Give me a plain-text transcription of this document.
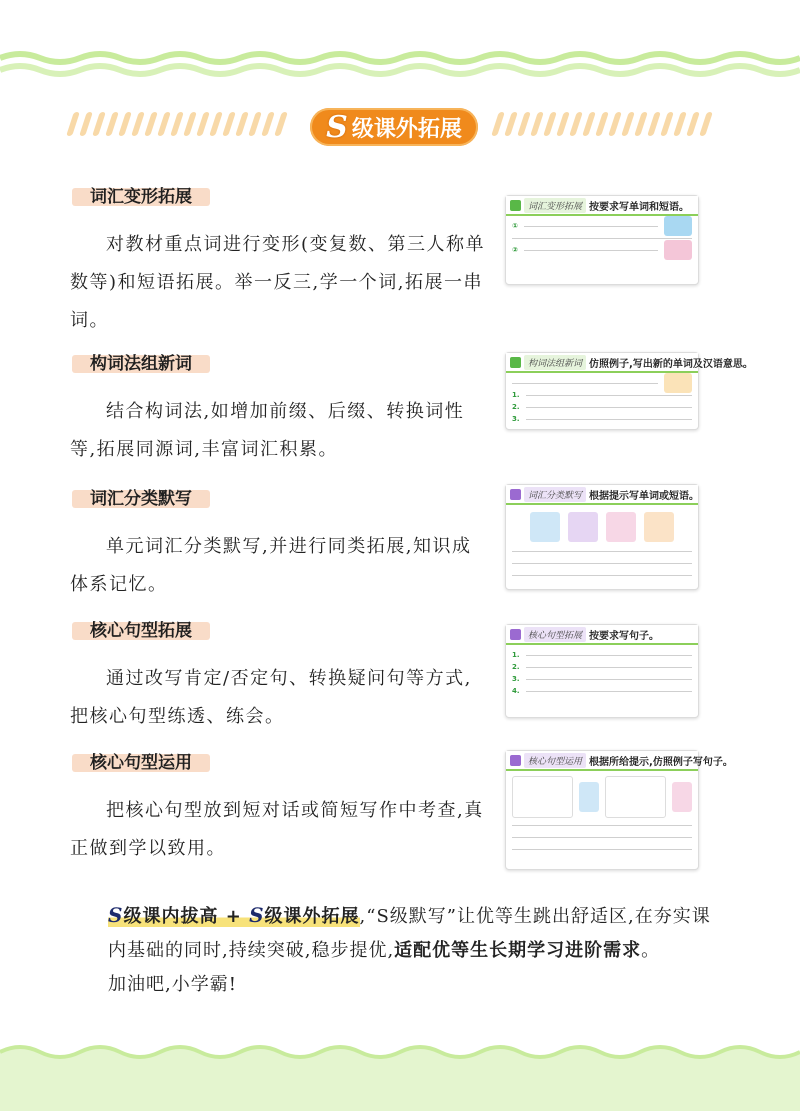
S 级课外拓展
词汇变形拓展
对教材重点词进行变形(变复数、第三人称单数等)和短语拓展。举一反三,学一个词,拓展一串词。
词汇变形拓展 按要求写单词和短语。
①
②
构词法组新词
结合构词法,如增加前缀、后缀、转换词性等,拓展同源词,丰富词汇积累。
构词法组新词 仿照例子,写出新的单词及汉语意思。
1.
2.
3.
词汇分类默写
单元词汇分类默写,并进行同类拓展,知识成体系记忆。
词汇分类默写 根据提示写单词或短语。
核心句型拓展
通过改写肯定/否定句、转换疑问句等方式,把核心句型练透、练会。
核心句型拓展 按要求写句子。
1.
2.
3.
4.
核心句型运用
把核心句型放到短对话或简短写作中考查,真正做到学以致用。
核心句型运用 根据所给提示,仿照例子写句子。
S级课内拔高 + S级课外拓展,“S级默写”让优等生跳出舒适区,在夯实课内基础的同时,持续突破,稳步提优,适配优等生长期学习进阶需求。
加油吧,小学霸!
